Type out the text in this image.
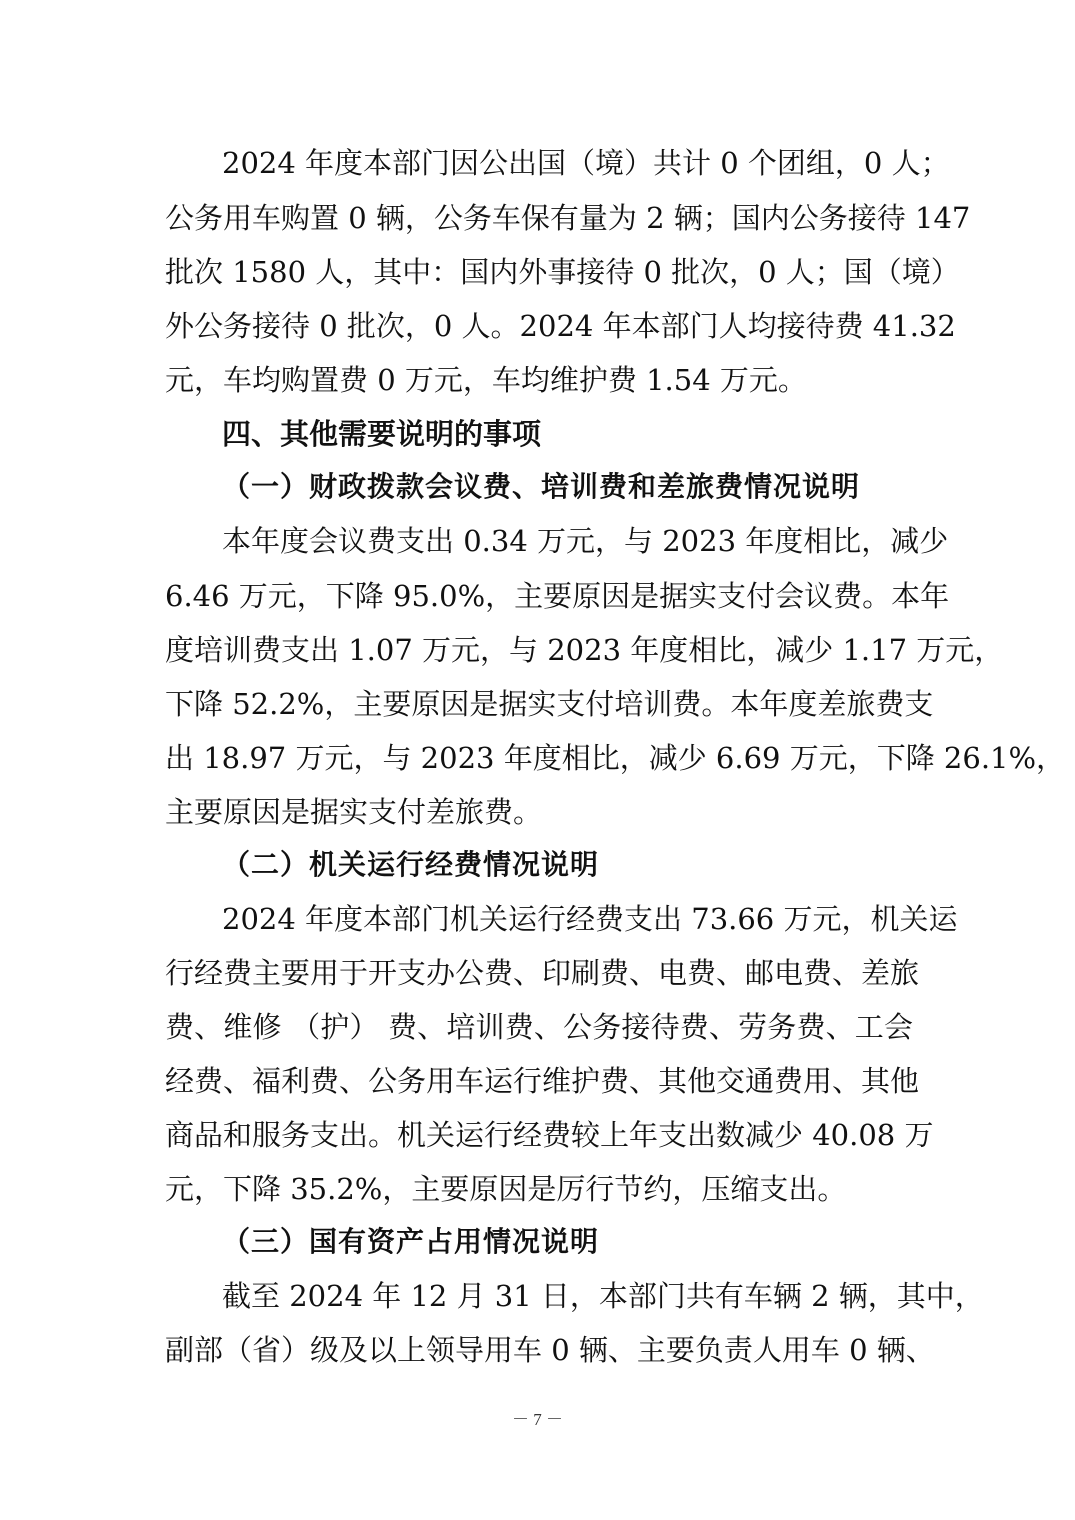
2024 年度本部门因公出国（境）共计 0 个团组，0 人；
公务用车购置 0 辆，公务车保有量为 2 辆；国内公务接待 147
批次 1580 人，其中：国内外事接待 0 批次，0 人；国（境）
外公务接待 0 批次，0 人。2024 年本部门人均接待费 41.32
元，车均购置费 0 万元，车均维护费 1.54 万元。
四、其他需要说明的事项
（一）财政拨款会议费、培训费和差旅费情况说明
本年度会议费支出 0.34 万元，与 2023 年度相比，减少
6.46 万元，下降 95.0%，主要原因是据实支付会议费。本年
度培训费支出 1.07 万元，与 2023 年度相比，减少 1.17 万元，
下降 52.2%，主要原因是据实支付培训费。本年度差旅费支
出 18.97 万元，与 2023 年度相比，减少 6.69 万元，下降 26.1%，
主要原因是据实支付差旅费。
（二）机关运行经费情况说明
2024 年度本部门机关运行经费支出 73.66 万元，机关运
行经费主要用于开支办公费、印刷费、电费、邮电费、差旅
费、维修 （护） 费、培训费、公务接待费、劳务费、工会
经费、福利费、公务用车运行维护费、其他交通费用、其他
商品和服务支出。机关运行经费较上年支出数减少 40.08 万
元，下降 35.2%，主要原因是厉行节约，压缩支出。
（三）国有资产占用情况说明
截至 2024 年 12 月 31 日，本部门共有车辆 2 辆，其中，
副部（省）级及以上领导用车 0 辆、主要负责人用车 0 辆、
－ 7 －
